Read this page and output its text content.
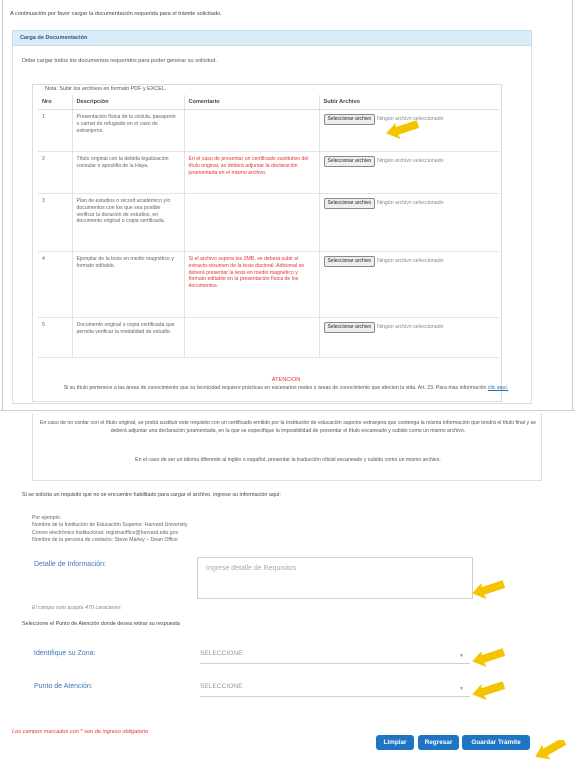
A continuación por favor cargar la documentación requerida para el trámite solicitado.
Carga de Documentación
Debe cargar todos los documentos requeridos para poder generar su solicitud.
Nota: Subir los archivos en formato PDF y EXCEL.
Nro	Descripción	Comentario	Subir Archivo
1	Presentación física de la cédula, pasaporte o carnet de refugiado en el caso de extranjeros.		Seleccionar archivo Ningún archivo seleccionado
2	Título original con la debida legalización consular o apostilla de la Haya.	En el caso de presentar un certificado sustitutivo del título original, se deberá adjuntar la declaración juramentada en el mismo archivo.	Seleccionar archivo Ningún archivo seleccionado
3	Plan de estudios o récord académico y/o documentos con los que sea posible verificar la duración de estudios, en documento original o copia certificada.		Seleccionar archivo Ningún archivo seleccionado
4	Ejemplar de la tesis en medio magnético y formato editable.	Si el archivo supera los 2MB, se deberá subir el extracto-resumen de la tesis doctoral. Adicional se deberá presentar la tesis en medio magnético y formato editable en la presentación física de los documentos.	Seleccionar archivo Ningún archivo seleccionado
5	Documento original o copia certificada que permita verificar la modalidad de estudio.		Seleccionar archivo Ningún archivo seleccionado
ATENCION
Si su título pertenece a las áreas de conocimiento que su tecnicidad requiere prácticas en escenarios reales o áreas de conocimiento que afecten la vida. Art. 23. Para mas información clic aquí.
En caso de no contar con el título original, se podrá sustituir este requisito con un certificado emitido por la Institución de educación superior extranjera que contenga la misma información que tendrá el título final y se deberá adjuntar una declaración juramentada, en la que se especifique la imposibilidad de presentar el título escaneado y subido como un mismo archivo.
En el caso de ser un idioma diferente al inglés o español, presentar la traducción oficial escaneado y subido como un mismo archivo.
Si se solicita un requisito que no se encuentre habilitado para cargar el archivo, ingrese su información aquí:
Por ejemplo:
Nombre de la Institución de Educación Superior: Harvard University
Correo electrónico institucional: registrariffice@harvard.edu.gov
Nombre de la persona de contacto: Steve Marley – Dean Office
Detalle de Información:
Ingrese detalle de Requisitos
El campo solo acepta 470 caracteres
Seleccione el Punto de Atención donde desea retirar su respuesta
Identifique su Zona:	SELECCIONE	▼
Punto de Atención:	SELECCIONE	▼
Los campos marcados con * son de ingreso obligatorio
Limpiar	Regresar	Guardar Trámite
